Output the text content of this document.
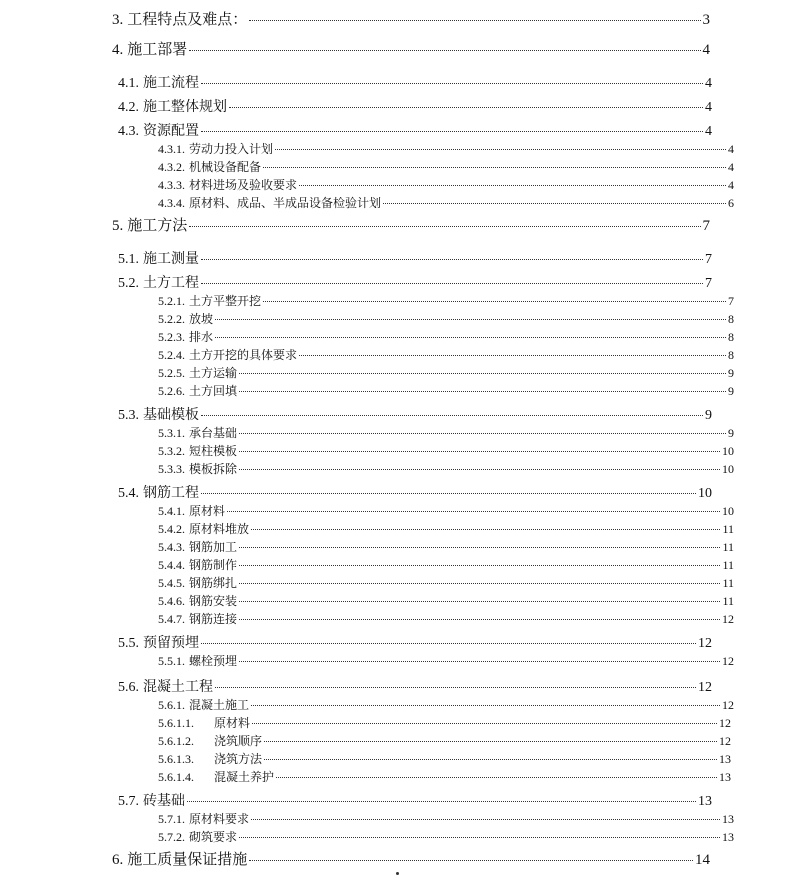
3. 工程特点及难点：	3
4. 施工部署	4
4.1. 施工流程	4
4.2. 施工整体规划	4
4.3. 资源配置	4
4.3.1. 劳动力投入计划	4
4.3.2. 机械设备配备	4
4.3.3. 材料进场及验收要求	4
4.3.4. 原材料、成品、半成品设备检验计划	6
5. 施工方法	7
5.1. 施工测量	7
5.2. 土方工程	7
5.2.1. 土方平整开挖	7
5.2.2. 放坡	8
5.2.3. 排水	8
5.2.4. 土方开挖的具体要求	8
5.2.5. 土方运输	9
5.2.6. 土方回填	9
5.3. 基础模板	9
5.3.1. 承台基础	9
5.3.2. 短柱模板	10
5.3.3. 模板拆除	10
5.4. 钢筋工程	10
5.4.1. 原材料	10
5.4.2. 原材料堆放	11
5.4.3. 钢筋加工	11
5.4.4. 钢筋制作	11
5.4.5. 钢筋绑扎	11
5.4.6. 钢筋安装	11
5.4.7. 钢筋连接	12
5.5. 预留预埋	12
5.5.1. 螺栓预埋	12
5.6. 混凝土工程	12
5.6.1. 混凝土施工	12
5.6.1.1.	原材料	12
5.6.1.2.	浇筑顺序	12
5.6.1.3.	浇筑方法	13
5.6.1.4.	混凝土养护	13
5.7. 砖基础	13
5.7.1. 原材料要求	13
5.7.2. 砌筑要求	13
6. 施工质量保证措施	14
